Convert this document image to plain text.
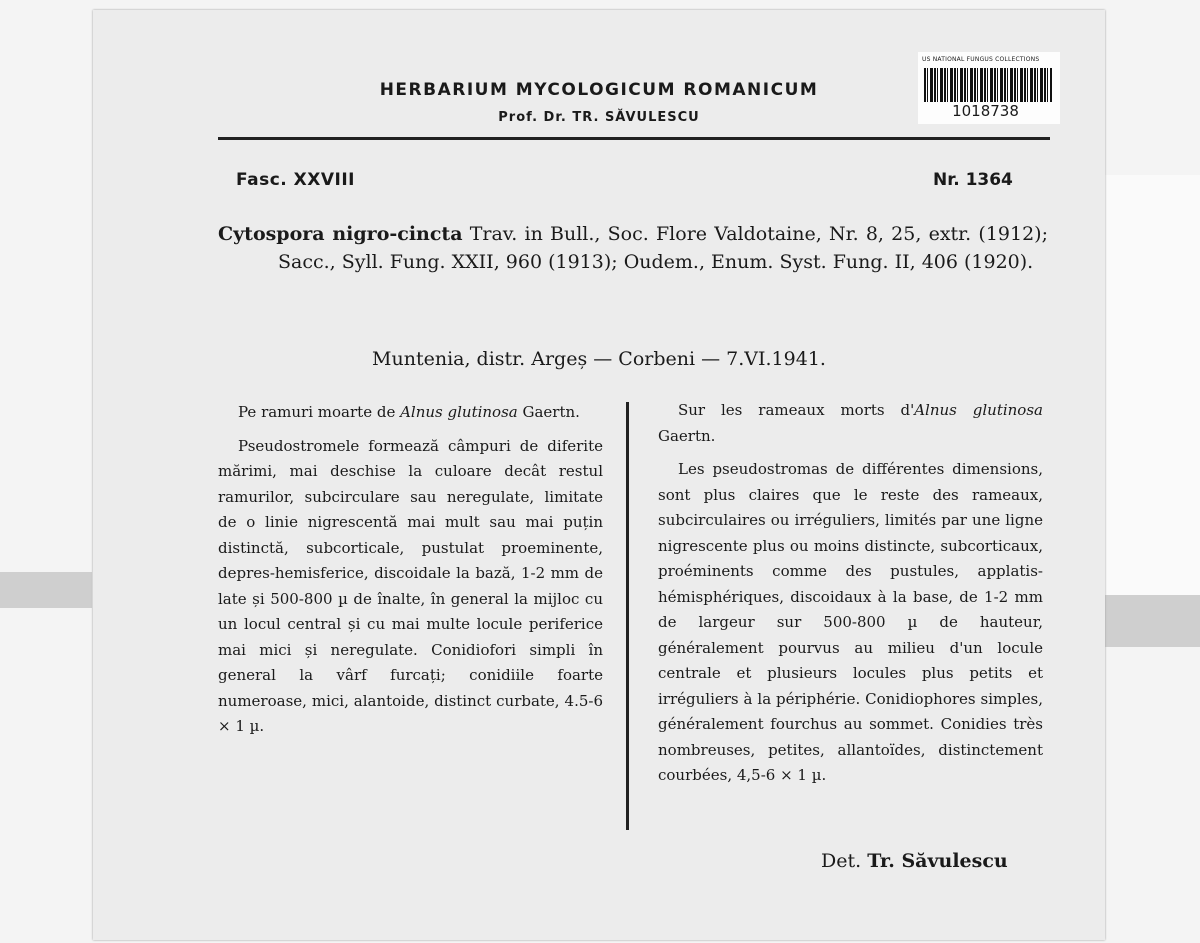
HERBARIUM MYCOLOGICUM ROMANICUM
Prof. Dr. TR. SĂVULESCU
US NATIONAL FUNGUS COLLECTIONS
1018738
Fasc. XXVIII	Nr. 1364
Cytospora nigro-cincta Trav. in Bull., Soc. Flore Valdotaine, Nr. 8, 25, extr. (1912); Sacc., Syll. Fung. XXII, 960 (1913); Oudem., Enum. Syst. Fung. II, 406 (1920).
Muntenia, distr. Argeș — Corbeni — 7.VI.1941.

Pe ramuri moarte de Alnus glutinosa Gaertn.

Pseudostromele formează câmpuri de diferite mărimi, mai deschise la culoare decât restul ramurilor, subcirculare sau neregulate, limitate de o linie nigrescentă mai mult sau mai puțin distinctă, subcorticale, pustulat proeminente, depres-hemisferice, discoidale la bază, 1-2 mm de late și 500-800 µ de înalte, în general la mijloc cu un locul central și cu mai multe locule periferice mai mici și neregulate. Conidiofori simpli în general la vârf furcați; conidiile foarte numeroase, mici, alantoide, distinct curbate, 4.5-6 × 1 µ.

Sur les rameaux morts d'Alnus glutinosa Gaertn.

Les pseudostromas de différentes dimensions, sont plus claires que le reste des rameaux, subcirculaires ou irréguliers, limités par une ligne nigrescente plus ou moins distincte, subcorticaux, proéminents comme des pustules, applatis-hémisphériques, discoidaux à la base, de 1-2 mm de largeur sur 500-800 µ de hauteur, généralement pourvus au milieu d'un locule centrale et plusieurs locules plus petits et irréguliers à la périphérie. Conidiophores simples, généralement fourchus au sommet. Conidies très nombreuses, petites, allantoïdes, distinctement courbées, 4,5-6 × 1 µ.

Det. Tr. Săvulescu
